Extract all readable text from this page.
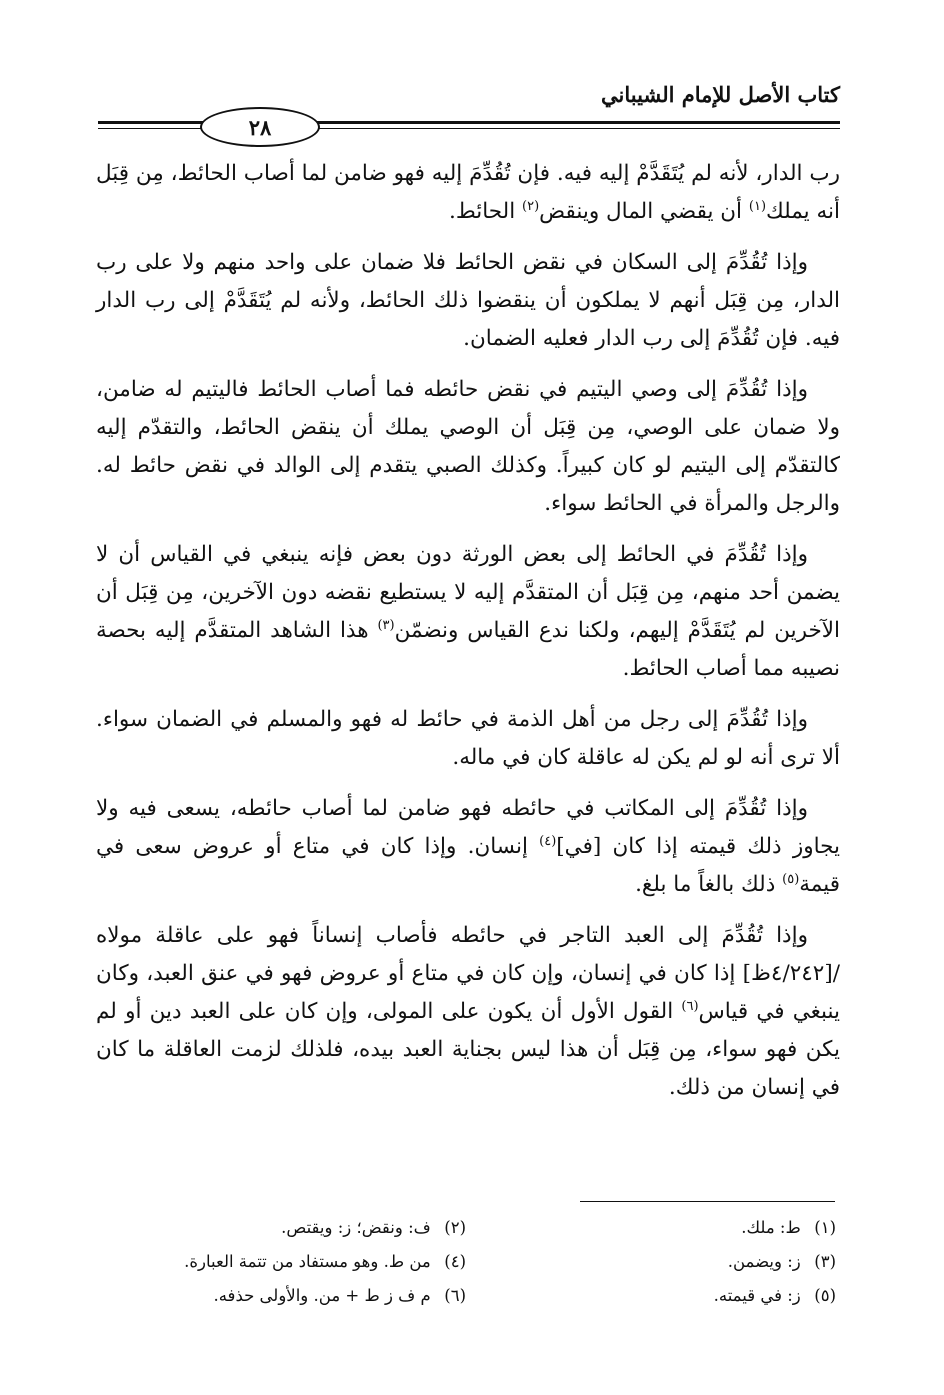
كتاب الأصل للإمام الشيباني
٢٨

رب الدار، لأنه لم يُتَقَدَّمْ إليه فيه. فإن تُقُدِّمَ إليه فهو ضامن لما أصاب الحائط، مِن قِبَل أنه يملك$^{(١)}$ أن يقضي المال وينقض$^{(٢)}$ الحائط.

وإذا تُقُدِّمَ إلى السكان في نقض الحائط فلا ضمان على واحد منهم ولا على رب الدار، مِن قِبَل أنهم لا يملكون أن ينقضوا ذلك الحائط، ولأنه لم يُتَقَدَّمْ إلى رب الدار فيه. فإن تُقُدِّمَ إلى رب الدار فعليه الضمان.

وإذا تُقُدِّمَ إلى وصي اليتيم في نقض حائطه فما أصاب الحائط فاليتيم له ضامن، ولا ضمان على الوصي، مِن قِبَل أن الوصي يملك أن ينقض الحائط، والتقدّم إليه كالتقدّم إلى اليتيم لو كان كبيراً. وكذلك الصبي يتقدم إلى الوالد في نقض حائط له. والرجل والمرأة في الحائط سواء.

وإذا تُقُدِّمَ في الحائط إلى بعض الورثة دون بعض فإنه ينبغي في القياس أن لا يضمن أحد منهم، مِن قِبَل أن المتقدَّم إليه لا يستطيع نقضه دون الآخرين، مِن قِبَل أن الآخرين لم يُتَقَدَّمْ إليهم، ولكنا ندع القياس ونضمّن$^{(٣)}$ هذا الشاهد المتقدَّم إليه بحصة نصيبه مما أصاب الحائط.

وإذا تُقُدِّمَ إلى رجل من أهل الذمة في حائط له فهو والمسلم في الضمان سواء. ألا ترى أنه لو لم يكن له عاقلة كان في ماله.

وإذا تُقُدِّمَ إلى المكاتب في حائطه فهو ضامن لما أصاب حائطه، يسعى فيه ولا يجاوز ذلك قيمته إذا كان [في]$^{(٤)}$ إنسان. وإذا كان في متاع أو عروض سعى في قيمة$^{(٥)}$ ذلك بالغاً ما بلغ.

وإذا تُقُدِّمَ إلى العبد التاجر في حائطه فأصاب إنساناً فهو على عاقلة مولاه /[٤/٢٤٢ظ] إذا كان في إنسان، وإن كان في متاع أو عروض فهو في عنق العبد، وكان ينبغي في قياس$^{(٦)}$ القول الأول أن يكون على المولى، وإن كان على العبد دين أو لم يكن فهو سواء، مِن قِبَل أن هذا ليس بجناية العبد بيده، فلذلك لزمت العاقلة ما كان في إنسان من ذلك.

(١) ط: ملك.
(٢) ف: ونقض؛ ز: ويقتص.
(٣) ز: ويضمن.
(٤) من ط. وهو مستفاد من تتمة العبارة.
(٥) ز: في قيمته.
(٦) م ف ز ط + من. والأولى حذفه.
